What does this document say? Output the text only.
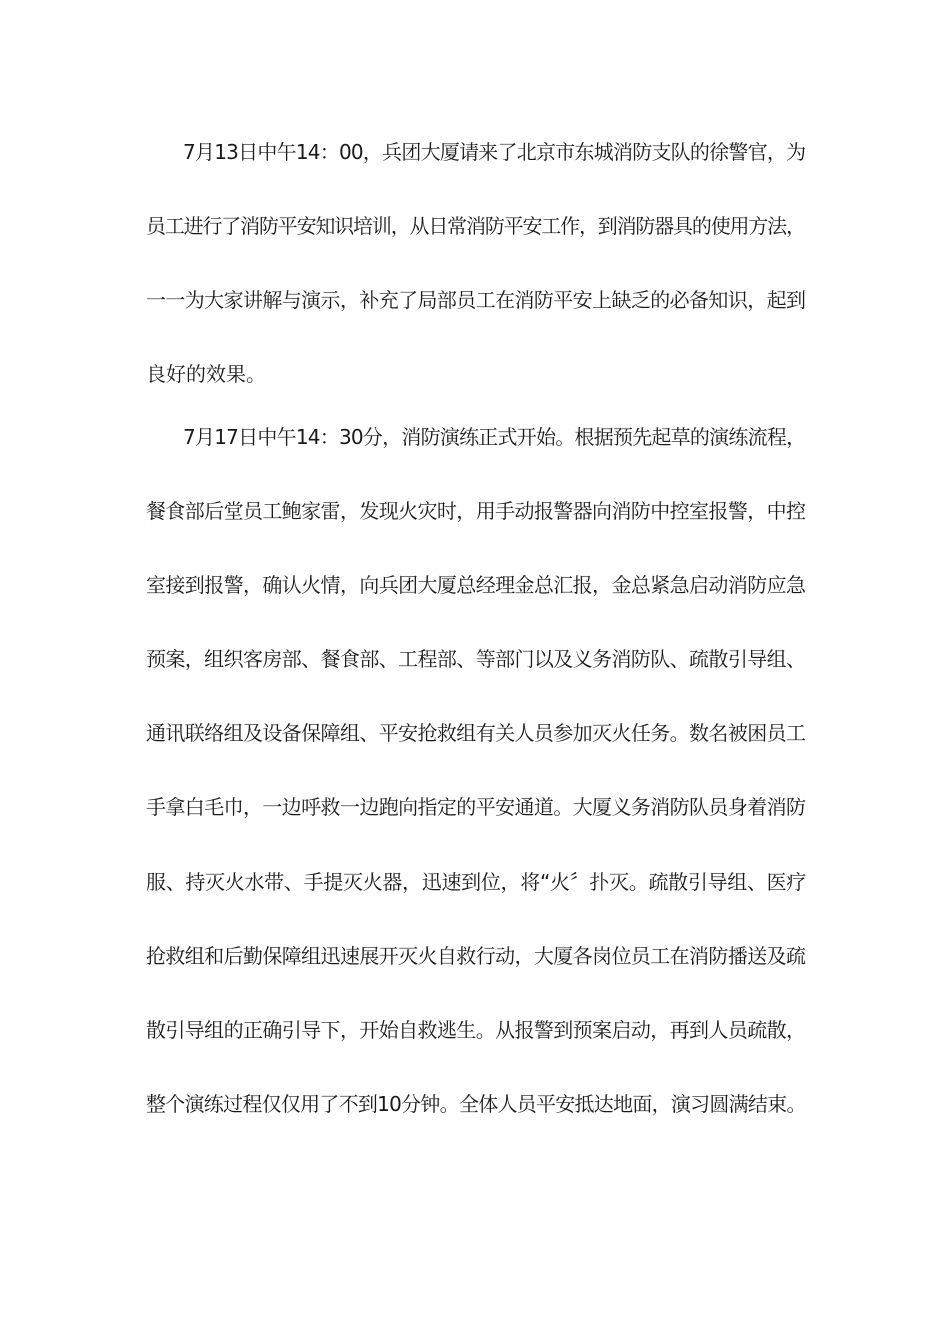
7月13日中午14：00，兵团大厦请来了北京市东城消防支队的徐警官，为
员工进行了消防平安知识培训，从日常消防平安工作，到消防器具的使用方法，
一一为大家讲解与演示，补充了局部员工在消防平安上缺乏的必备知识，起到
良好的效果。
7月17日中午14：30分，消防演练正式开始。根据预先起草的演练流程，
餐食部后堂员工鲍家雷，发现火灾时，用手动报警器向消防中控室报警，中控
室接到报警，确认火情，向兵团大厦总经理金总汇报，金总紧急启动消防应急
预案，组织客房部、餐食部、工程部、等部门以及义务消防队、疏散引导组、
通讯联络组及设备保障组、平安抢救组有关人员参加灭火任务。数名被困员工
手拿白毛巾，一边呼救一边跑向指定的平安通道。大厦义务消防队员身着消防
服、持灭火水带、手提灭火器，迅速到位，将“火〞扑灭。疏散引导组、医疗
抢救组和后勤保障组迅速展开灭火自救行动，大厦各岗位员工在消防播送及疏
散引导组的正确引导下，开始自救逃生。从报警到预案启动，再到人员疏散，
整个演练过程仅仅用了不到10分钟。全体人员平安抵达地面，演习圆满结束。
